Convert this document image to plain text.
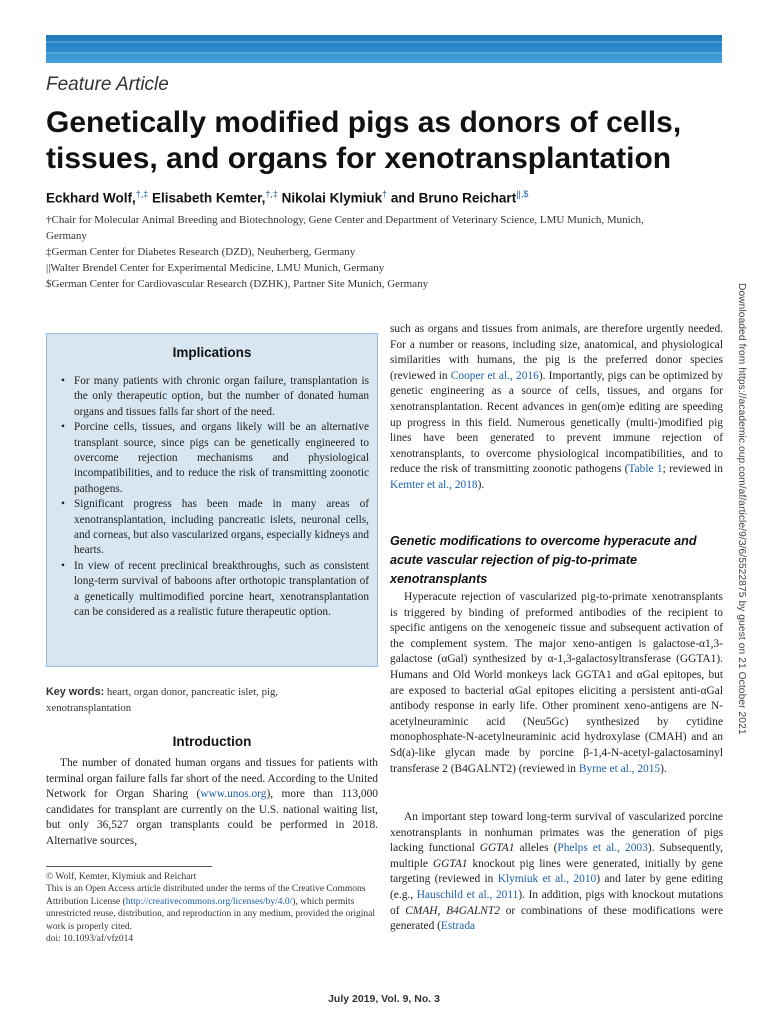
Feature Article
Genetically modified pigs as donors of cells,
tissues, and organs for xenotransplantation
Eckhard Wolf,†,‡ Elisabeth Kemter,†,‡ Nikolai Klymiuk† and Bruno Reichart||,$
†Chair for Molecular Animal Breeding and Biotechnology, Gene Center and Department of Veterinary Science, LMU Munich, Munich,
Germany
‡German Center for Diabetes Research (DZD), Neuherberg, Germany
||Walter Brendel Center for Experimental Medicine, LMU Munich, Germany
$German Center for Cardiovascular Research (DZHK), Partner Site Munich, Germany	Downloaded from https://academic.oup.com/af/article/9/3/6/5522875 by guest on 21 October 2021
Implications
• For many patients with chronic organ failure, transplantation is the only therapeutic option, but the number of donated human organs and tissues falls far short of the need.
• Porcine cells, tissues, and organs likely will be an alternative transplant source, since pigs can be genetically engineered to overcome rejection mechanisms and physiological incompatibilities, and to reduce the risk of transmitting zoonotic pathogens.
• Significant progress has been made in many areas of xenotransplantation, including pancreatic islets, neuronal cells, and corneas, but also vascularized organs, especially kidneys and hearts.
• In view of recent preclinical breakthroughs, such as consistent long-term survival of baboons after orthotopic transplantation of a genetically multimodified porcine heart, xenotransplantation can be considered as a realistic future therapeutic option.
Key words: heart, organ donor, pancreatic islet, pig,
xenotransplantation
Introduction

The number of donated human organs and tissues for patients with terminal organ failure falls far short of the need. According to the United Network for Organ Sharing (www.unos.org), more than 113,000 candidates for transplant are currently on the U.S. national waiting list, but only 36,527 organ transplants could be performed in 2018. Alternative sources,

© Wolf, Kemter, Klymiuk and Reichart
This is an Open Access article distributed under the terms of the Creative Commons Attribution License (http://creativecommons.org/licenses/by/4.0/), which permits unrestricted reuse, distribution, and reproduction in any medium, provided the original work is properly cited.
doi: 10.1093/af/vfz014

such as organs and tissues from animals, are therefore urgently needed. For a number or reasons, including size, anatomical, and physiological similarities with humans, the pig is the preferred donor species (reviewed in Cooper et al., 2016). Importantly, pigs can be optimized by genetic engineering as a source of cells, tissues, and organs for xenotransplantation. Recent advances in gen(om)e editing are speeding up progress in this field. Numerous genetically (multi-)modified pig lines have been generated to prevent immune rejection of xenotransplants, to overcome physiological incompatibilities, and to reduce the risk of transmitting zoonotic pathogens (Table 1; reviewed in Kemter et al., 2018).

Genetic modifications to overcome hyperacute and acute vascular rejection of pig-to-primate xenotransplants

Hyperacute rejection of vascularized pig-to-primate xenotransplants is triggered by binding of preformed antibodies of the recipient to specific antigens on the xenogeneic tissue and subsequent activation of the complement system. The major xeno-antigen is galactose-α1,3-galactose (αGal) synthesized by α-1,3-galactosyltransferase (GGTA1). Humans and Old World monkeys lack GGTA1 and αGal epitopes, but are exposed to bacterial αGal epitopes eliciting a persistent anti-αGal antibody response in early life. Other prominent xeno-antigens are N-acetylneuraminic acid (Neu5Gc) synthesized by cytidine monophosphate-N-acetylneuraminic acid hydroxylase (CMAH) and an Sd(a)-like glycan made by porcine β-1,4-N-acetyl-galactosaminyl transferase 2 (B4GALNT2) (reviewed in Byrne et al., 2015).

An important step toward long-term survival of vascularized porcine xenotransplants in nonhuman primates was the generation of pigs lacking functional GGTA1 alleles (Phelps et al., 2003). Subsequently, multiple GGTA1 knockout pig lines were generated, initially by gene targeting (reviewed in Klymiuk et al., 2010) and later by gene editing (e.g., Hauschild et al., 2011). In addition, pigs with knockout mutations of CMAH, B4GALNT2 or combinations of these modifications were generated (Estrada

July 2019, Vol. 9, No. 3
